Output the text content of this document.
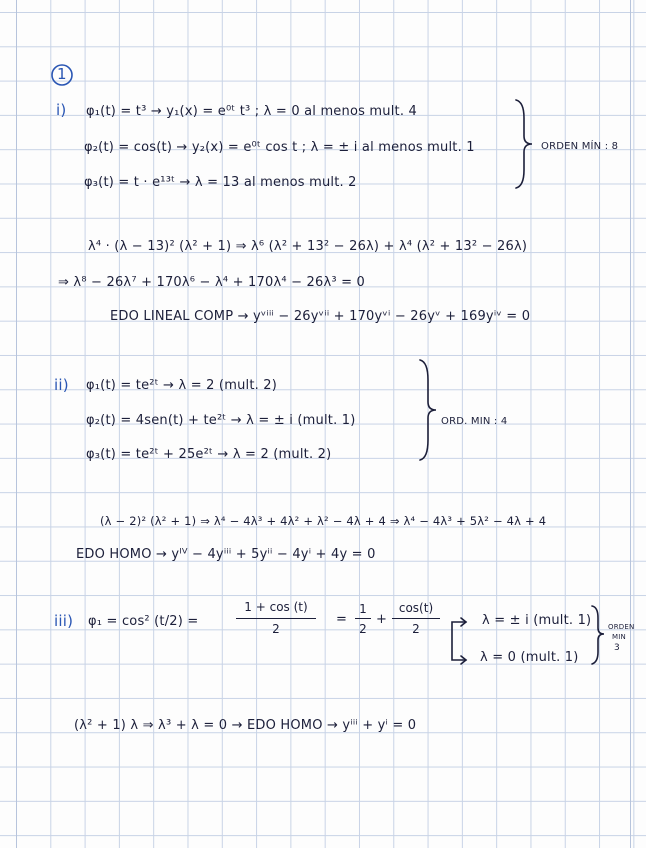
1
i) φ₁(t) = t³ → y₁(x) = e⁰ᵗ t³ ; λ = 0 al menos mult. 4
φ₂(t) = cos(t) → y₂(x) = e⁰ᵗ cos t ; λ = ± i al menos mult. 1
φ₃(t) = t · e¹³ᵗ → λ = 13 al menos mult. 2
ORDEN MÍN : 8
λ⁴ · (λ − 13)² (λ² + 1) ⇒ λ⁶ (λ² + 13² − 26λ) + λ⁴ (λ² + 13² − 26λ)
⇒ λ⁸ − 26λ⁷ + 170λ⁶ − λ⁴ + 170λ⁴ − 26λ³ = 0
EDO LINEAL COMP → yᵛⁱⁱⁱ − 26yᵛⁱⁱ + 170yᵛⁱ − 26yᵛ + 169yⁱᵛ = 0
ii) φ₁(t) = te²ᵗ → λ = 2 (mult. 2)
φ₂(t) = 4sen(t) + te²ᵗ → λ = ± i (mult. 1)
φ₃(t) = te²ᵗ + 25e²ᵗ → λ = 2 (mult. 2)
ORD. MIN : 4
(λ − 2)² (λ² + 1) ⇒ λ⁴ − 4λ³ + 4λ² + λ² − 4λ + 4 ⇒ λ⁴ − 4λ³ + 5λ² − 4λ + 4
EDO HOMO → yᴵⱽ − 4yⁱⁱⁱ + 5yⁱⁱ − 4yⁱ + 4y = 0
iii) φ₁ = cos² (t/2) =
1 + cos (t)
2
=
1
2
+
cos(t)
2
λ = ± i (mult. 1)
λ = 0 (mult. 1)
ORDEN
MIN
3
(λ² + 1) λ ⇒ λ³ + λ = 0 → EDO HOMO → yⁱⁱⁱ + yⁱ = 0
